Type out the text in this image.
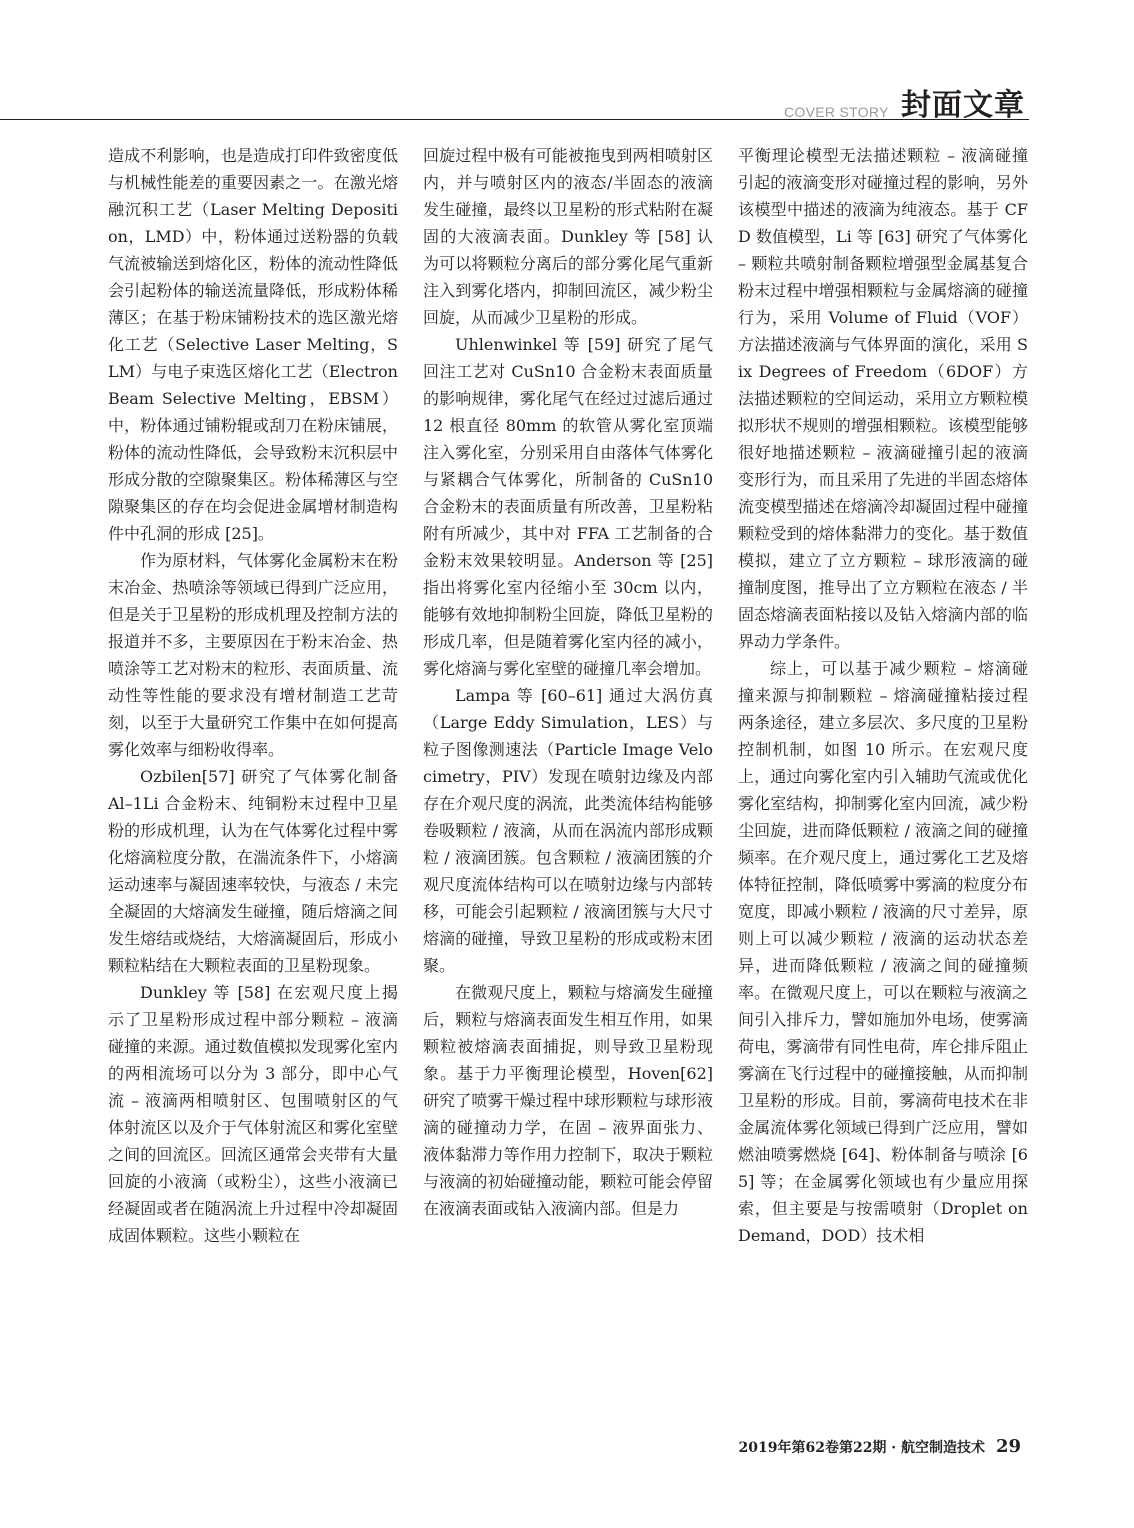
COVER STORY 封面文章

造成不利影响，也是造成打印件致密度低与机械性能差的重要因素之一。在激光熔融沉积工艺（Laser Melting Deposition，LMD）中，粉体通过送粉器的负载气流被输送到熔化区，粉体的流动性降低会引起粉体的输送流量降低，形成粉体稀薄区；在基于粉床铺粉技术的选区激光熔化工艺（Selective Laser Melting，SLM）与电子束选区熔化工艺（Electron Beam Selective Melting，EBSM）中，粉体通过铺粉辊或刮刀在粉床铺展，粉体的流动性降低，会导致粉末沉积层中形成分散的空隙聚集区。粉体稀薄区与空隙聚集区的存在均会促进金属增材制造构件中孔洞的形成 [25]。

作为原材料，气体雾化金属粉末在粉末冶金、热喷涂等领域已得到广泛应用，但是关于卫星粉的形成机理及控制方法的报道并不多，主要原因在于粉末冶金、热喷涂等工艺对粉末的粒形、表面质量、流动性等性能的要求没有增材制造工艺苛刻，以至于大量研究工作集中在如何提高雾化效率与细粉收得率。

Ozbilen[57] 研究了气体雾化制备 Al–1Li 合金粉末、纯铜粉末过程中卫星粉的形成机理，认为在气体雾化过程中雾化熔滴粒度分散，在湍流条件下，小熔滴运动速率与凝固速率较快，与液态 / 未完全凝固的大熔滴发生碰撞，随后熔滴之间发生熔结或烧结，大熔滴凝固后，形成小颗粒粘结在大颗粒表面的卫星粉现象。

Dunkley 等 [58] 在宏观尺度上揭示了卫星粉形成过程中部分颗粒 – 液滴碰撞的来源。通过数值模拟发现雾化室内的两相流场可以分为 3 部分，即中心气流 – 液滴两相喷射区、包围喷射区的气体射流区以及介于气体射流区和雾化室壁之间的回流区。回流区通常会夹带有大量回旋的小液滴（或粉尘），这些小液滴已经凝固或者在随涡流上升过程中冷却凝固成固体颗粒。这些小颗粒在

回旋过程中极有可能被拖曳到两相喷射区内，并与喷射区内的液态/半固态的液滴发生碰撞，最终以卫星粉的形式粘附在凝固的大液滴表面。Dunkley 等 [58] 认为可以将颗粒分离后的部分雾化尾气重新注入到雾化塔内，抑制回流区，减少粉尘回旋，从而减少卫星粉的形成。

Uhlenwinkel 等 [59] 研究了尾气回注工艺对 CuSn10 合金粉末表面质量的影响规律，雾化尾气在经过过滤后通过 12 根直径 80mm 的软管从雾化室顶端注入雾化室，分别采用自由落体气体雾化与紧耦合气体雾化，所制备的 CuSn10 合金粉末的表面质量有所改善，卫星粉粘附有所减少，其中对 FFA 工艺制备的合金粉末效果较明显。Anderson 等 [25] 指出将雾化室内径缩小至 30cm 以内，能够有效地抑制粉尘回旋，降低卫星粉的形成几率，但是随着雾化室内径的减小，雾化熔滴与雾化室壁的碰撞几率会增加。

Lampa 等 [60–61] 通过大涡仿真（Large Eddy Simulation，LES）与粒子图像测速法（Particle Image Velocimetry，PIV）发现在喷射边缘及内部存在介观尺度的涡流，此类流体结构能够卷吸颗粒 / 液滴，从而在涡流内部形成颗粒 / 液滴团簇。包含颗粒 / 液滴团簇的介观尺度流体结构可以在喷射边缘与内部转移，可能会引起颗粒 / 液滴团簇与大尺寸熔滴的碰撞，导致卫星粉的形成或粉末团聚。

在微观尺度上，颗粒与熔滴发生碰撞后，颗粒与熔滴表面发生相互作用，如果颗粒被熔滴表面捕捉，则导致卫星粉现象。基于力平衡理论模型，Hoven[62] 研究了喷雾干燥过程中球形颗粒与球形液滴的碰撞动力学，在固 – 液界面张力、液体黏滞力等作用力控制下，取决于颗粒与液滴的初始碰撞动能，颗粒可能会停留在液滴表面或钻入液滴内部。但是力

平衡理论模型无法描述颗粒 – 液滴碰撞引起的液滴变形对碰撞过程的影响，另外该模型中描述的液滴为纯液态。基于 CFD 数值模型，Li 等 [63] 研究了气体雾化 – 颗粒共喷射制备颗粒增强型金属基复合粉末过程中增强相颗粒与金属熔滴的碰撞行为，采用 Volume of Fluid（VOF）方法描述液滴与气体界面的演化，采用 Six Degrees of Freedom（6DOF）方法描述颗粒的空间运动，采用立方颗粒模拟形状不规则的增强相颗粒。该模型能够很好地描述颗粒 – 液滴碰撞引起的液滴变形行为，而且采用了先进的半固态熔体流变模型描述在熔滴冷却凝固过程中碰撞颗粒受到的熔体黏滞力的变化。基于数值模拟，建立了立方颗粒 – 球形液滴的碰撞制度图，推导出了立方颗粒在液态 / 半固态熔滴表面粘接以及钻入熔滴内部的临界动力学条件。

综上，可以基于减少颗粒 – 熔滴碰撞来源与抑制颗粒 – 熔滴碰撞粘接过程两条途径，建立多层次、多尺度的卫星粉控制机制，如图 10 所示。在宏观尺度上，通过向雾化室内引入辅助气流或优化雾化室结构，抑制雾化室内回流，减少粉尘回旋，进而降低颗粒 / 液滴之间的碰撞频率。在介观尺度上，通过雾化工艺及熔体特征控制，降低喷雾中雾滴的粒度分布宽度，即减小颗粒 / 液滴的尺寸差异，原则上可以减少颗粒 / 液滴的运动状态差异，进而降低颗粒 / 液滴之间的碰撞频率。在微观尺度上，可以在颗粒与液滴之间引入排斥力，譬如施加外电场，使雾滴荷电，雾滴带有同性电荷，库仑排斥阻止雾滴在飞行过程中的碰撞接触，从而抑制卫星粉的形成。目前，雾滴荷电技术在非金属流体雾化领域已得到广泛应用，譬如燃油喷雾燃烧 [64]、粉体制备与喷涂 [65] 等；在金属雾化领域也有少量应用探索，但主要是与按需喷射（Droplet on Demand，DOD）技术相

2019年第62卷第22期 · 航空制造技术 29
